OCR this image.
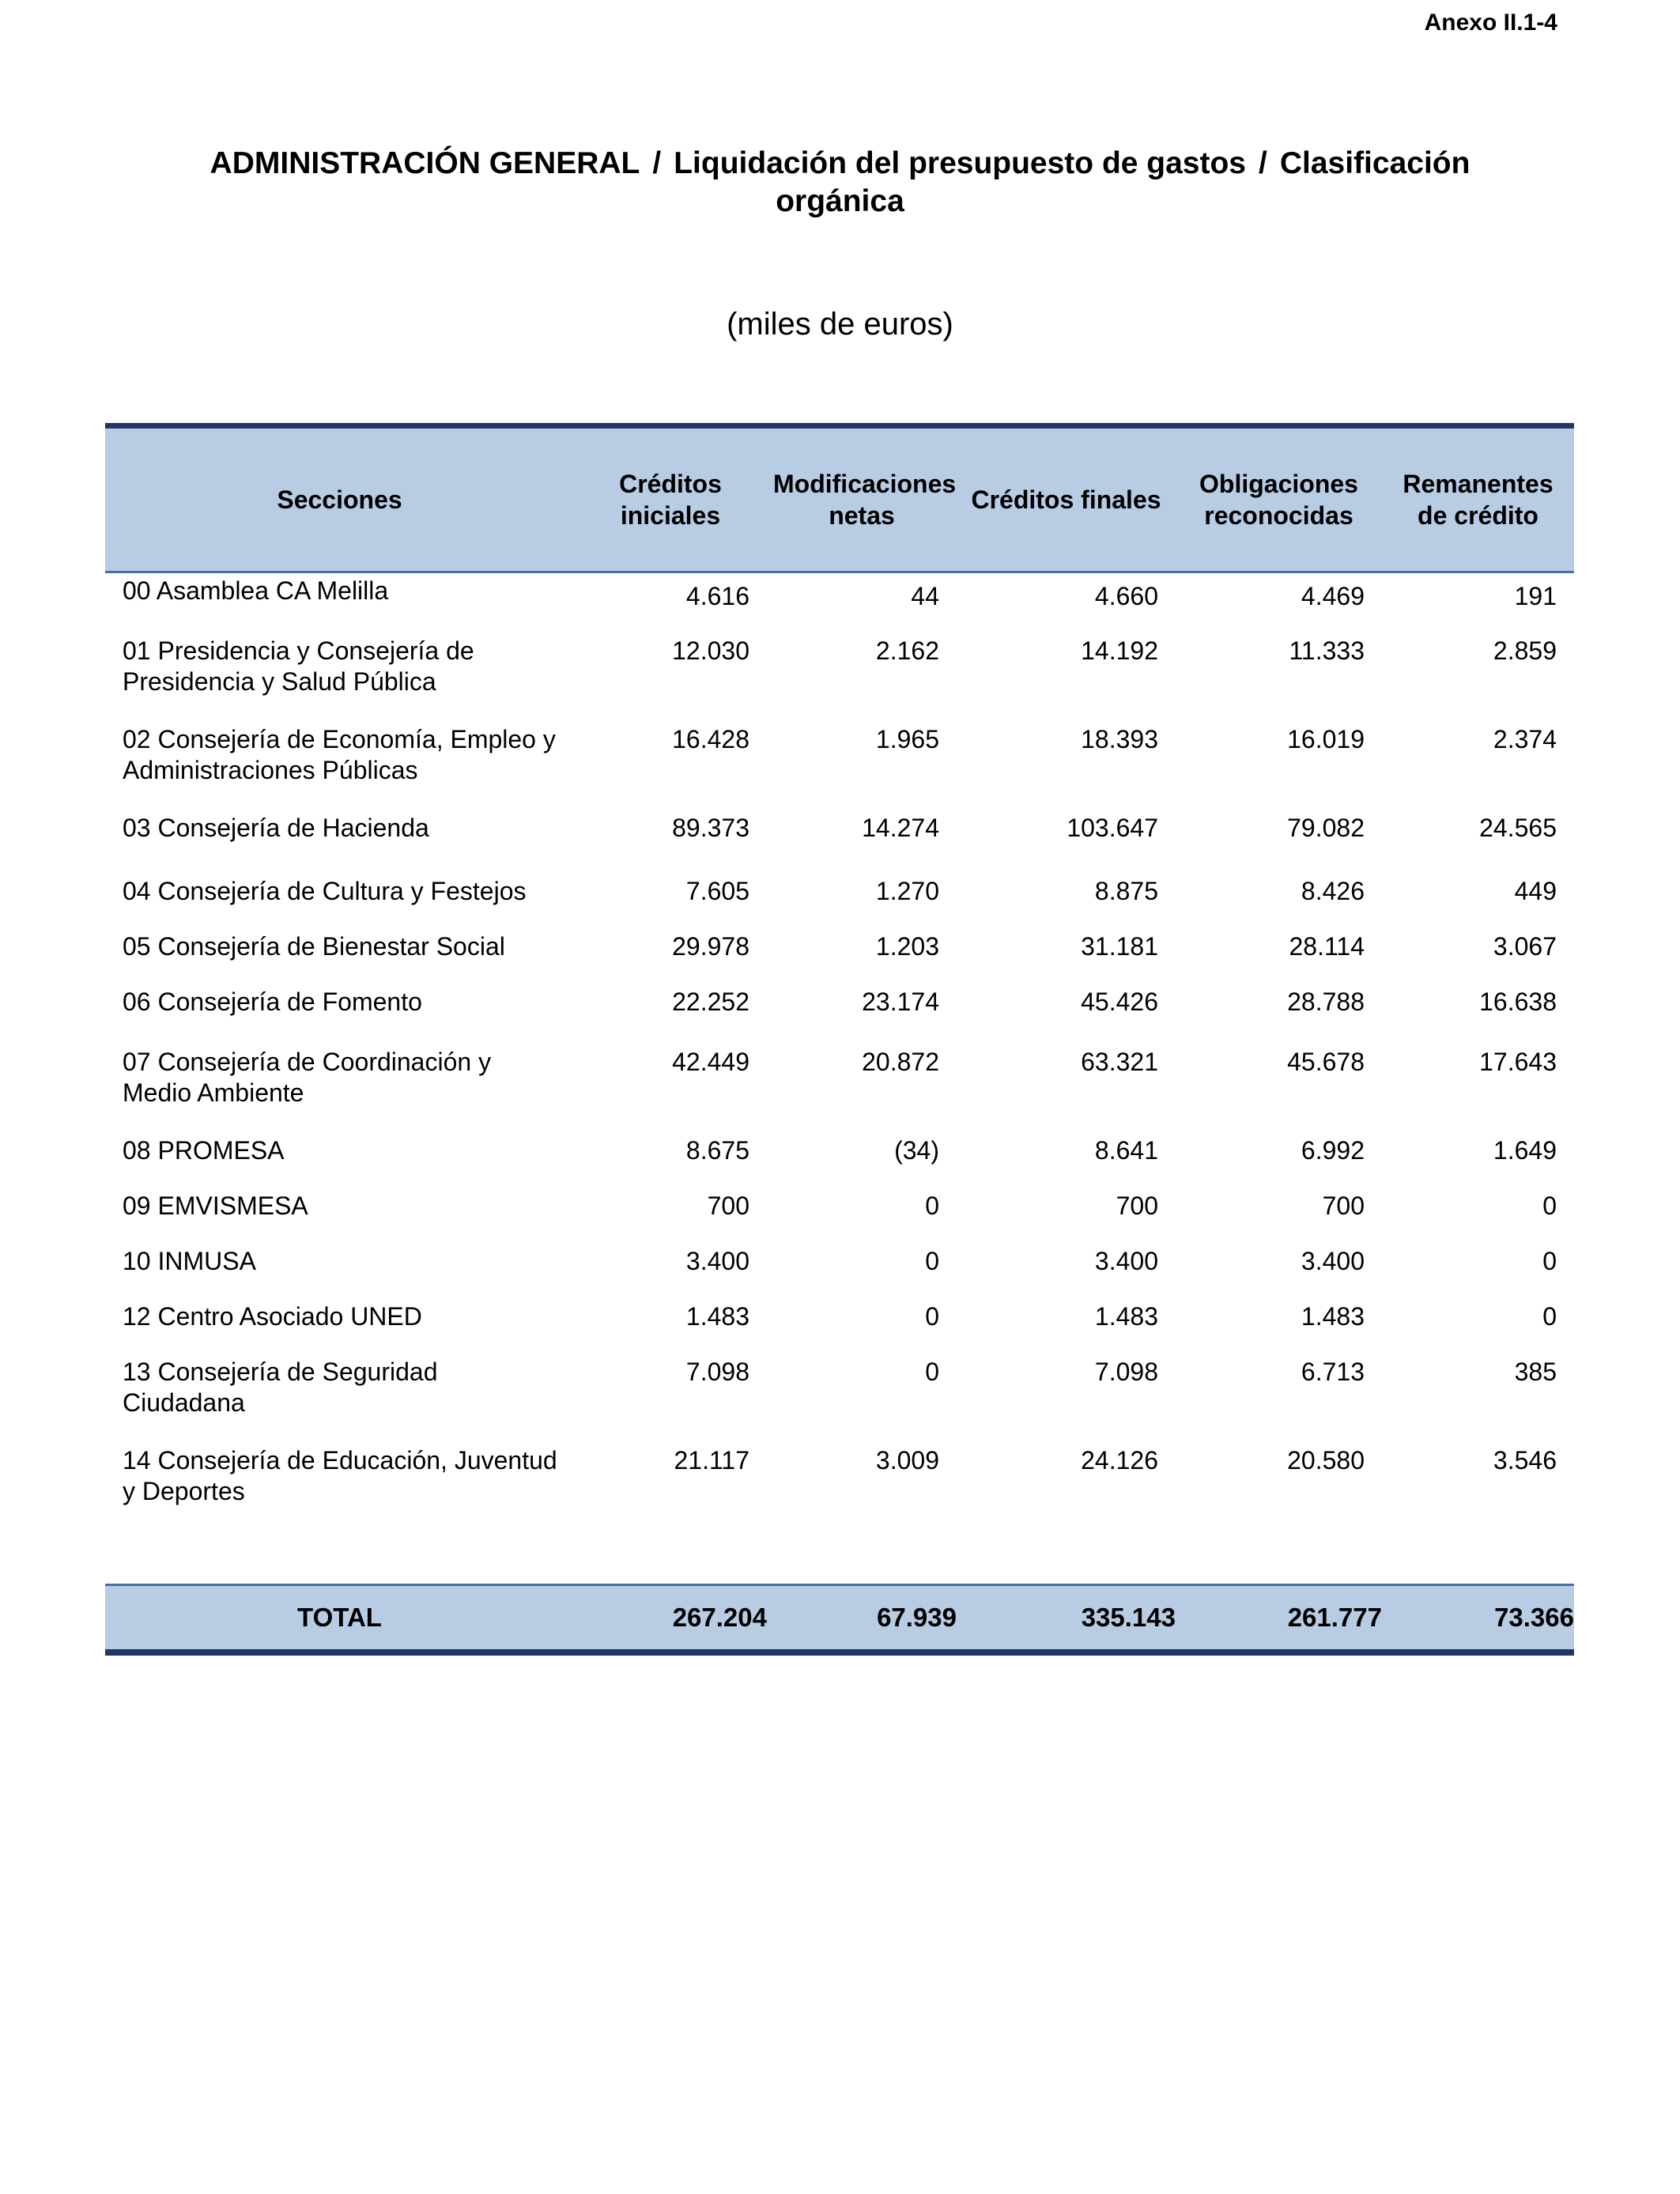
Anexo II.1-4
ADMINISTRACIÓN GENERAL / Liquidación del presupuesto de gastos / Clasificación orgánica
(miles de euros)
Secciones	Créditos iniciales	Modificaciones netas	Créditos finales	Obligaciones reconocidas	Remanentes de crédito
00 Asamblea CA Melilla	4.616	44	4.660	4.469	191
01 Presidencia y Consejería de Presidencia y Salud Pública	12.030	2.162	14.192	11.333	2.859
02 Consejería de Economía, Empleo y Administraciones Públicas	16.428	1.965	18.393	16.019	2.374
03 Consejería de Hacienda	89.373	14.274	103.647	79.082	24.565
04 Consejería de Cultura y Festejos	7.605	1.270	8.875	8.426	449
05 Consejería de Bienestar Social	29.978	1.203	31.181	28.114	3.067
06 Consejería de Fomento	22.252	23.174	45.426	28.788	16.638
07 Consejería de Coordinación y Medio Ambiente	42.449	20.872	63.321	45.678	17.643
08 PROMESA	8.675	(34)	8.641	6.992	1.649
09 EMVISMESA	700	0	700	700	0
10 INMUSA	3.400	0	3.400	3.400	0
12 Centro Asociado UNED	1.483	0	1.483	1.483	0
13 Consejería de Seguridad Ciudadana	7.098	0	7.098	6.713	385
14 Consejería de Educación, Juventud y Deportes	21.117	3.009	24.126	20.580	3.546

TOTAL	267.204	67.939	335.143	261.777	73.366
